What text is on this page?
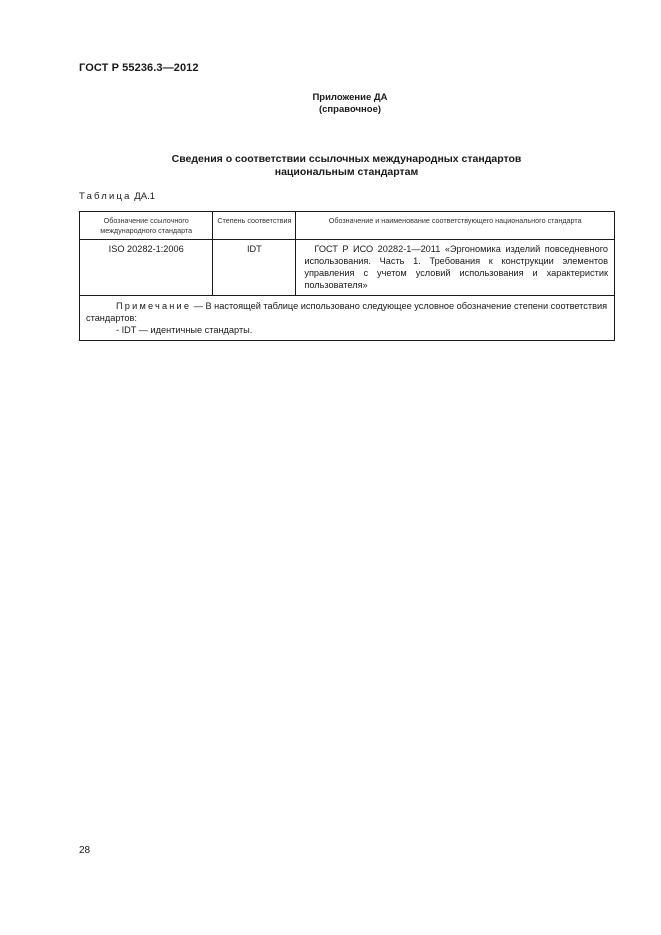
ГОСТ Р 55236.3—2012
Приложение ДА
(справочное)
Сведения о соответствии ссылочных международных стандартов
национальным стандартам
Таблица ДА.1
Обозначение ссылочного международного стандарта	Степень соответствия	Обозначение и наименование соответствующего национального стандарта
ISO 20282-1:2006	IDT	ГОСТ Р ИСО 20282-1—2011 «Эргономика изделий повседневного использования. Часть 1. Требования к конструкции элементов управления с учетом условий использования и характеристик пользователя»

Примечание — В настоящей таблице использовано следующее условное обозначение степени соответствия стандартов:
- IDT — идентичные стандарты.		
28
